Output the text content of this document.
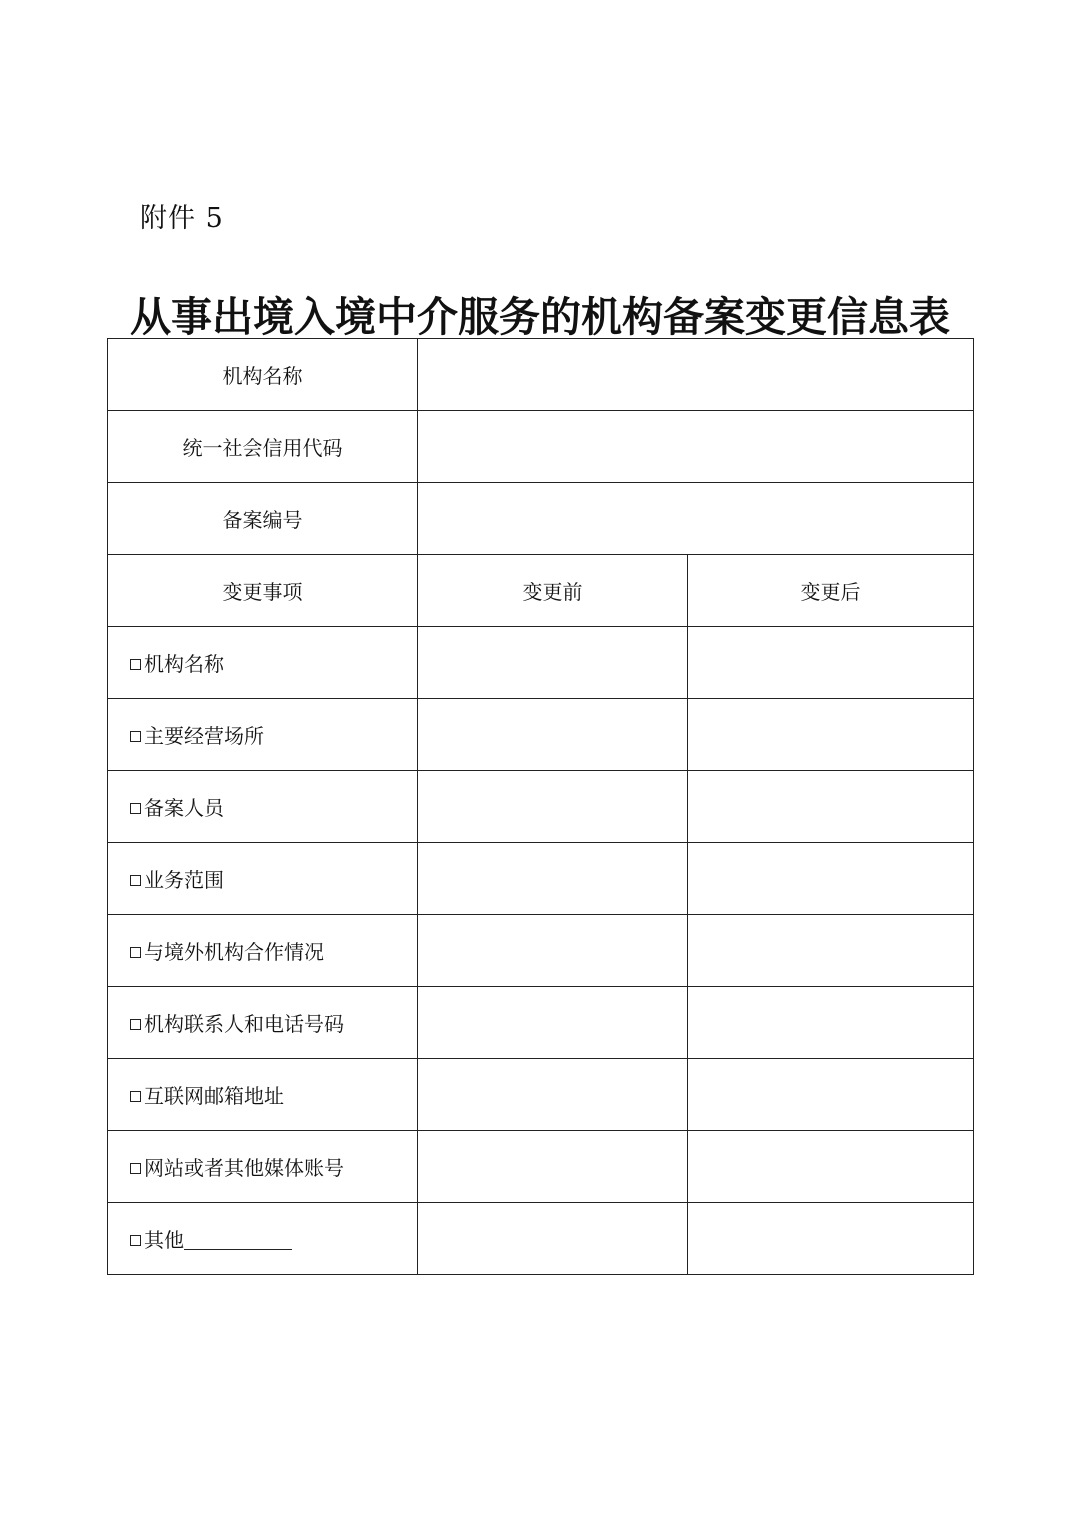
附件 5
从事出境入境中介服务的机构备案变更信息表
机构名称		
统一社会信用代码		
备案编号		
变更事项	变更前	变更后
机构名称		
主要经营场所		
备案人员		
业务范围		
与境外机构合作情况		
机构联系人和电话号码		
互联网邮箱地址		
网站或者其他媒体账号		
其他		
